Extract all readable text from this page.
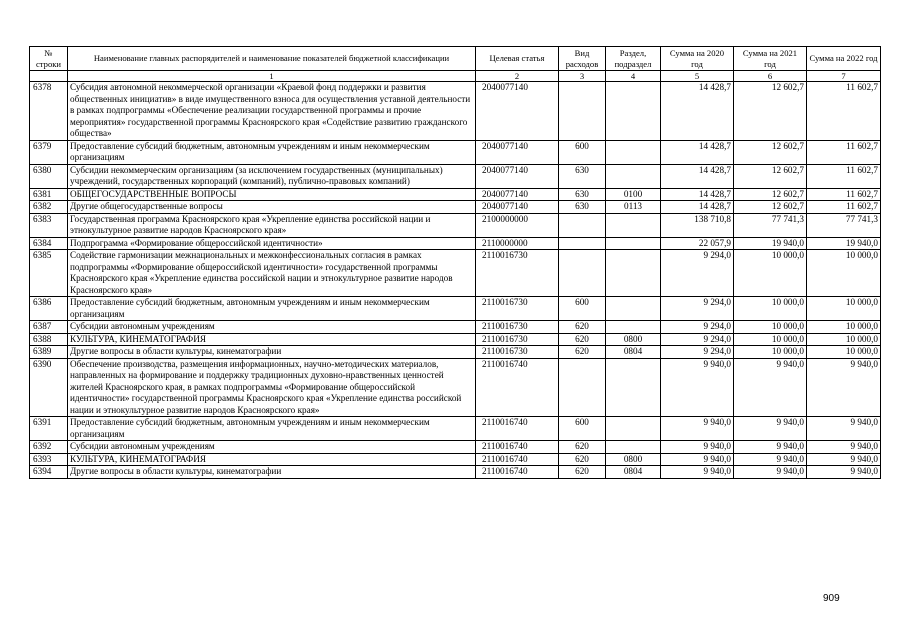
№ строки	Наименование главных распорядителей и наименование показателей бюджетной классификации	Целевая статья	Вид расходов	Раздел, подраздел	Сумма на 2020 год	Сумма на 2021 год	Сумма на 2022 год
	1	2	3	4	5	6	7
6378	Субсидия автономной некоммерческой организации «Краевой фонд поддержки и развития общественных инициатив» в виде имущественного взноса для осуществления уставной деятельности в рамках подпрограммы «Обеспечение реализации государственной программы и прочие мероприятия» государственной программы Красноярского края «Содействие развитию гражданского общества»	2040077140			14 428,7	12 602,7	11 602,7
6379	Предоставление субсидий бюджетным, автономным учреждениям и иным некоммерческим организациям	2040077140	600		14 428,7	12 602,7	11 602,7
6380	Субсидии некоммерческим организациям (за исключением государственных (муниципальных) учреждений, государственных корпораций (компаний), публично-правовых компаний)	2040077140	630		14 428,7	12 602,7	11 602,7
6381	ОБЩЕГОСУДАРСТВЕННЫЕ ВОПРОСЫ	2040077140	630	0100	14 428,7	12 602,7	11 602,7
6382	Другие общегосударственные вопросы	2040077140	630	0113	14 428,7	12 602,7	11 602,7
6383	Государственная программа Красноярского края «Укрепление единства российской нации и этнокультурное развитие народов Красноярского края»	2100000000			138 710,8	77 741,3	77 741,3
6384	Подпрограмма «Формирование общероссийской идентичности»	2110000000			22 057,9	19 940,0	19 940,0
6385	Содействие гармонизации межнациональных и межконфессиональных согласия в рамках подпрограммы «Формирование общероссийской идентичности» государственной программы Красноярского края «Укрепление единства российской нации и этнокультурное развитие народов Красноярского края»	2110016730			9 294,0	10 000,0	10 000,0
6386	Предоставление субсидий бюджетным, автономным учреждениям и иным некоммерческим организациям	2110016730	600		9 294,0	10 000,0	10 000,0
6387	Субсидии автономным учреждениям	2110016730	620		9 294,0	10 000,0	10 000,0
6388	КУЛЬТУРА, КИНЕМАТОГРАФИЯ	2110016730	620	0800	9 294,0	10 000,0	10 000,0
6389	Другие вопросы в области культуры, кинематографии	2110016730	620	0804	9 294,0	10 000,0	10 000,0
6390	Обеспечение производства, размещения информационных, научно-методических материалов, направленных на формирование и поддержку традиционных духовно-нравственных ценностей жителей Красноярского края, в рамках подпрограммы «Формирование общероссийской идентичности» государственной программы Красноярского края «Укрепление единства российской нации и этнокультурное развитие народов Красноярского края»	2110016740			9 940,0	9 940,0	9 940,0
6391	Предоставление субсидий бюджетным, автономным учреждениям и иным некоммерческим организациям	2110016740	600		9 940,0	9 940,0	9 940,0
6392	Субсидии автономным учреждениям	2110016740	620		9 940,0	9 940,0	9 940,0
6393	КУЛЬТУРА, КИНЕМАТОГРАФИЯ	2110016740	620	0800	9 940,0	9 940,0	9 940,0
6394	Другие вопросы в области культуры, кинематографии	2110016740	620	0804	9 940,0	9 940,0	9 940,0
909
